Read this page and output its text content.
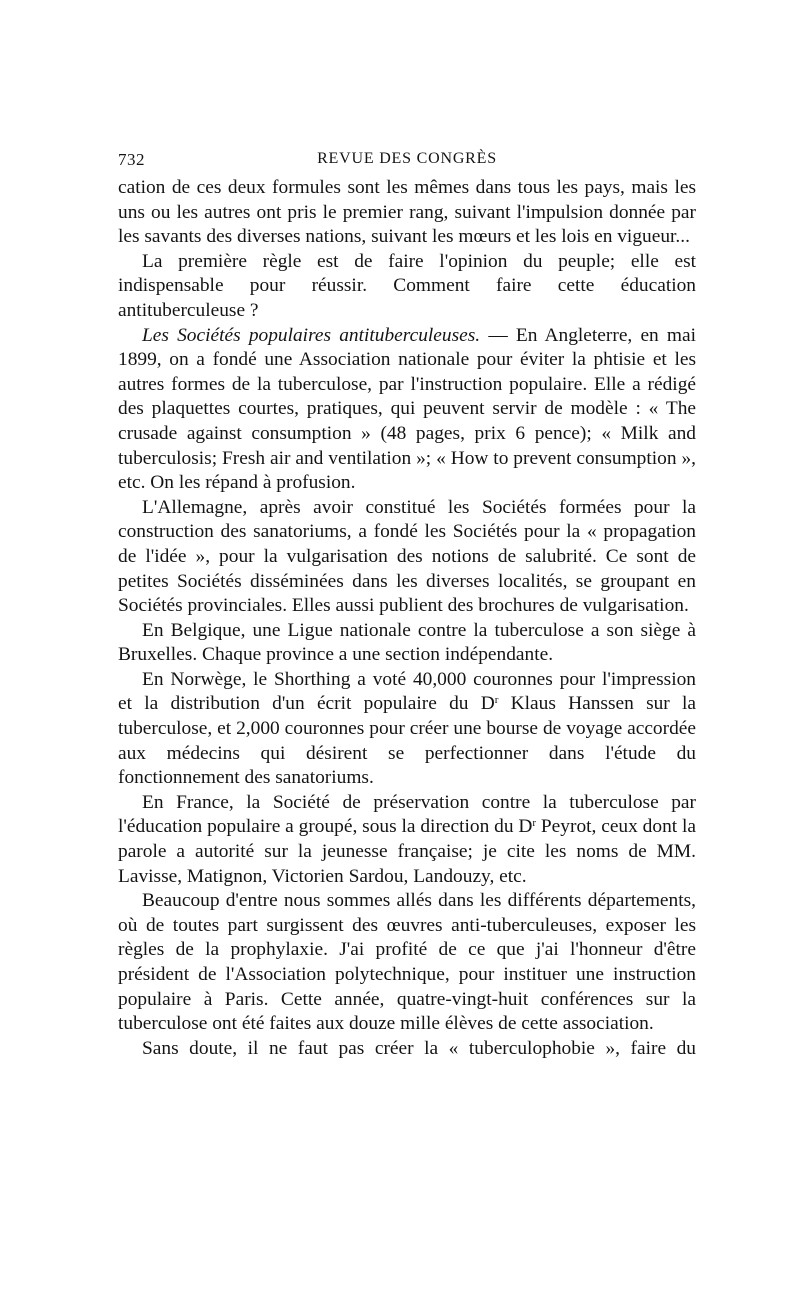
732	REVUE DES CONGRÈS

cation de ces deux formules sont les mêmes dans tous les pays, mais les uns ou les autres ont pris le premier rang, suivant l'impulsion donnée par les savants des diverses nations, suivant les mœurs et les lois en vigueur...

La première règle est de faire l'opinion du peuple; elle est indispensable pour réussir. Comment faire cette éducation antituberculeuse ?

Les Sociétés populaires antituberculeuses. — En Angleterre, en mai 1899, on a fondé une Association nationale pour éviter la phtisie et les autres formes de la tuberculose, par l'instruction populaire. Elle a rédigé des plaquettes courtes, pratiques, qui peuvent servir de modèle : « The crusade against consumption » (48 pages, prix 6 pence); « Milk and tuberculosis; Fresh air and ventilation »; « How to prevent consumption », etc. On les répand à profusion.

L'Allemagne, après avoir constitué les Sociétés formées pour la construction des sanatoriums, a fondé les Sociétés pour la « propagation de l'idée », pour la vulgarisation des notions de salubrité. Ce sont de petites Sociétés disséminées dans les diverses localités, se groupant en Sociétés provinciales. Elles aussi publient des brochures de vulgarisation.

En Belgique, une Ligue nationale contre la tuberculose a son siège à Bruxelles. Chaque province a une section indépendante.

En Norwège, le Shorthing a voté 40,000 couronnes pour l'impression et la distribution d'un écrit populaire du $D^r$ Klaus Hanssen sur la tuberculose, et 2,000 couronnes pour créer une bourse de voyage accordée aux médecins qui désirent se perfectionner dans l'étude du fonctionnement des sanatoriums.

En France, la Société de préservation contre la tuberculose par l'éducation populaire a groupé, sous la direction du $D^r$ Peyrot, ceux dont la parole a autorité sur la jeunesse française; je cite les noms de MM. Lavisse, Matignon, Victorien Sardou, Landouzy, etc.

Beaucoup d'entre nous sommes allés dans les différents départements, où de toutes part surgissent des œuvres anti-tuberculeuses, exposer les règles de la prophylaxie. J'ai profité de ce que j'ai l'honneur d'être président de l'Association polytechnique, pour instituer une instruction populaire à Paris. Cette année, quatre-vingt-huit conférences sur la tuberculose ont été faites aux douze mille élèves de cette association.

Sans doute, il ne faut pas créer la « tuberculophobie », faire du
